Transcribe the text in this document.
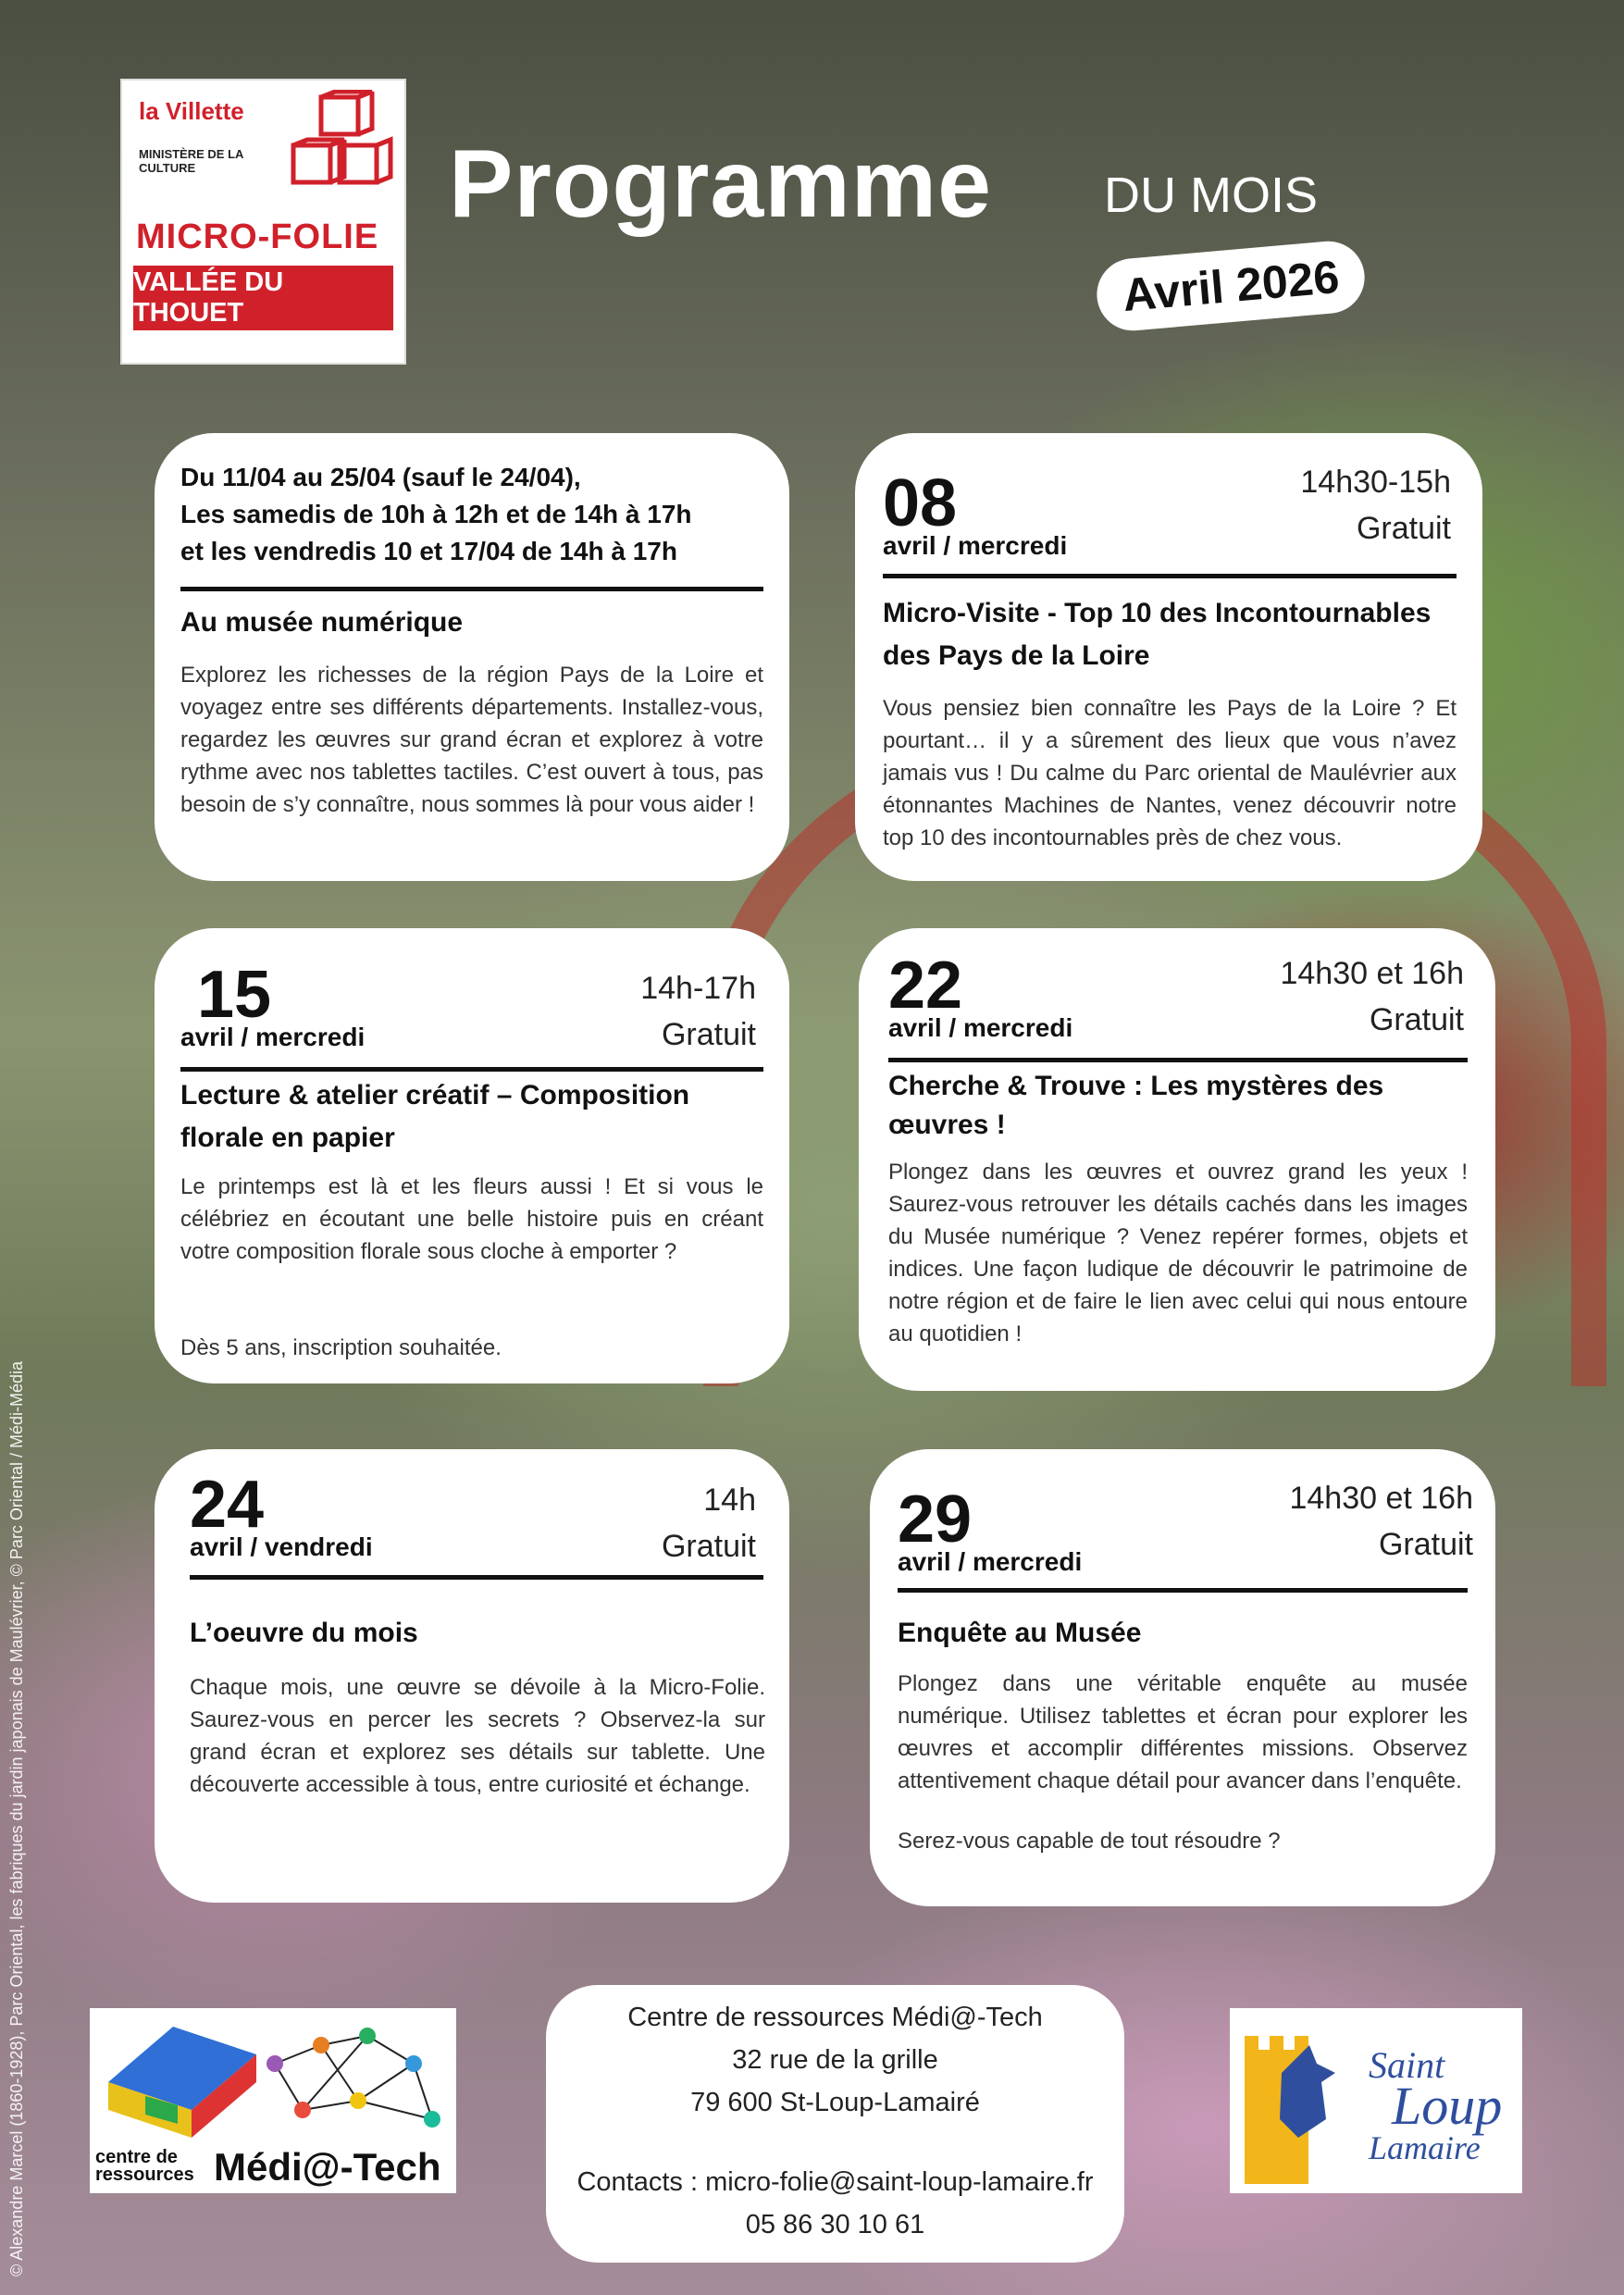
la Villette
MINISTÈRE DE LA CULTURE
MICRO-FOLIE
VALLÉE DU THOUET
Programme DU MOIS
Avril 2026
Du 11/04 au 25/04 (sauf le 24/04),
Les samedis de 10h à 12h et de 14h à 17h
et les vendredis 10 et 17/04 de 14h à 17h
Au musée numérique
Explorez les richesses de la région Pays de la Loire et voyagez entre ses différents départements. Installez-vous, regardez les œuvres sur grand écran et explorez à votre rythme avec nos tablettes tactiles. C’est ouvert à tous, pas besoin de s’y connaître, nous sommes là pour vous aider !
08
avril / mercredi
14h30-15h
Gratuit
Micro-Visite - Top 10 des Incontournables des Pays de la Loire
Vous pensiez bien connaître les Pays de la Loire ? Et pourtant… il y a sûrement des lieux que vous n’avez jamais vus ! Du calme du Parc oriental de Maulévrier aux étonnantes Machines de Nantes, venez découvrir notre top 10 des incontournables près de chez vous.
15
avril / mercredi
14h-17h
Gratuit
Lecture & atelier créatif – Composition florale en papier
Le printemps est là et les fleurs aussi ! Et si vous le célébriez en écoutant une belle histoire puis en créant votre composition florale sous cloche à emporter ?
Dès 5 ans, inscription souhaitée.
22
avril / mercredi
14h30 et 16h
Gratuit
Cherche & Trouve : Les mystères des œuvres !
Plongez dans les œuvres et ouvrez grand les yeux ! Saurez-vous retrouver les détails cachés dans les images du Musée numérique ? Venez repérer formes, objets et indices. Une façon ludique de découvrir le patrimoine de notre région et de faire le lien avec celui qui nous entoure au quotidien !
24
avril / vendredi
14h
Gratuit
L’oeuvre du mois
Chaque mois, une œuvre se dévoile à la Micro-Folie. Saurez-vous en percer les secrets ? Observez-la sur grand écran et explorez ses détails sur tablette. Une découverte accessible à tous, entre curiosité et échange.
29
avril / mercredi
14h30 et 16h
Gratuit
Enquête au Musée
Plongez dans une véritable enquête au musée numérique. Utilisez tablettes et écran pour explorer les œuvres et accomplir différentes missions. Observez attentivement chaque détail pour avancer dans l’enquête.
Serez-vous capable de tout résoudre ?
centre de ressources Médi@-Tech
Centre de ressources Médi@-Tech
32 rue de la grille
79 600 St-Loup-Lamairé
Contacts : micro-folie@saint-loup-lamaire.fr
05 86 30 10 61
Saint
Loup
Lamaire
© Alexandre Marcel (1860-1928), Parc Oriental, les fabriques du jardin japonais de Maulévrier, © Parc Oriental / Médi-Média
